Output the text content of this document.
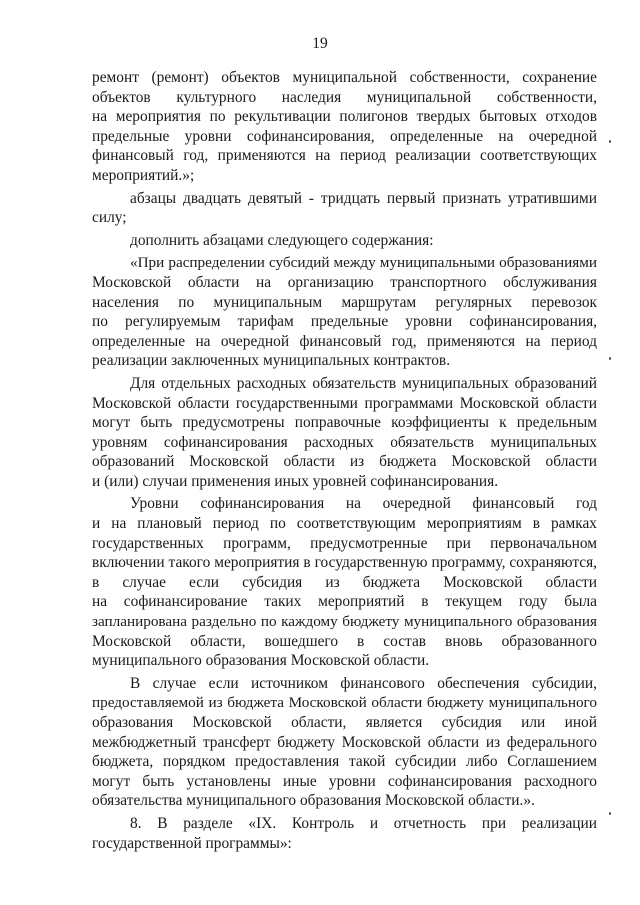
19
ремонт (ремонт) объектов муниципальной собственности, сохранение
объектов культурного наследия муниципальной собственности,
на мероприятия по рекультивации полигонов твердых бытовых отходов
предельные уровни софинансирования, определенные на очередной
финансовый год, применяются на период реализации соответствующих
мероприятий.»;
абзацы двадцать девятый - тридцать первый признать утратившими
силу;
дополнить абзацами следующего содержания:
«При распределении субсидий между муниципальными образованиями
Московской области на организацию транспортного обслуживания
населения по муниципальным маршрутам регулярных перевозок
по регулируемым тарифам предельные уровни софинансирования,
определенные на очередной финансовый год, применяются на период
реализации заключенных муниципальных контрактов.
Для отдельных расходных обязательств муниципальных образований
Московской области государственными программами Московской области
могут быть предусмотрены поправочные коэффициенты к предельным
уровням софинансирования расходных обязательств муниципальных
образований Московской области из бюджета Московской области
и (или) случаи применения иных уровней софинансирования.
Уровни софинансирования на очередной финансовый год
и на плановый период по соответствующим мероприятиям в рамках
государственных программ, предусмотренные при первоначальном
включении такого мероприятия в государственную программу, сохраняются,
в случае если субсидия из бюджета Московской области
на софинансирование таких мероприятий в текущем году была
запланирована раздельно по каждому бюджету муниципального образования
Московской области, вошедшего в состав вновь образованного
муниципального образования Московской области.
В случае если источником финансового обеспечения субсидии,
предоставляемой из бюджета Московской области бюджету муниципального
образования Московской области, является субсидия или иной
межбюджетный трансферт бюджету Московской области из федерального
бюджета, порядком предоставления такой субсидии либо Соглашением
могут быть установлены иные уровни софинансирования расходного
обязательства муниципального образования Московской области.».
8. В разделе «IX. Контроль и отчетность при реализации
государственной программы»:
